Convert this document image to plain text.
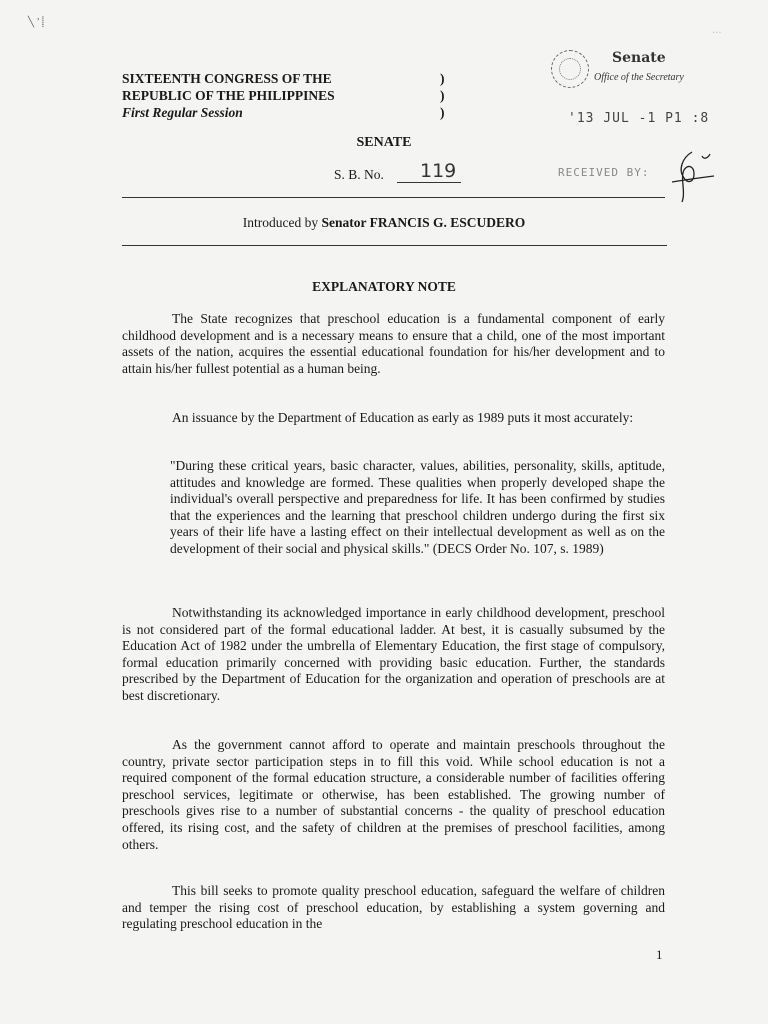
╲ ’ ⸽
‧‧‧
SIXTEENTH CONGRESS OF THE
REPUBLIC OF THE PHILIPPINES
First Regular Session
)
)
)
Senate
Office of the Secretary
'13 JUL -1 P1 :8
RECEIVED BY:
SENATE
S. B. No. 119
Introduced by Senator FRANCIS G. ESCUDERO
EXPLANATORY NOTE

The State recognizes that preschool education is a fundamental component of early childhood development and is a necessary means to ensure that a child, one of the most important assets of the nation, acquires the essential educational foundation for his/her development and to attain his/her fullest potential as a human being.

An issuance by the Department of Education as early as 1989 puts it most accurately:

"During these critical years, basic character, values, abilities, personality, skills, aptitude, attitudes and knowledge are formed. These qualities when properly developed shape the individual's overall perspective and preparedness for life. It has been confirmed by studies that the experiences and the learning that preschool children undergo during the first six years of their life have a lasting effect on their intellectual development as well as on the development of their social and physical skills." (DECS Order No. 107, s. 1989)

Notwithstanding its acknowledged importance in early childhood development, preschool is not considered part of the formal educational ladder. At best, it is casually subsumed by the Education Act of 1982 under the umbrella of Elementary Education, the first stage of compulsory, formal education primarily concerned with providing basic education. Further, the standards prescribed by the Department of Education for the organization and operation of preschools are at best discretionary.

As the government cannot afford to operate and maintain preschools throughout the country, private sector participation steps in to fill this void. While school education is not a required component of the formal education structure, a considerable number of facilities offering preschool services, legitimate or otherwise, has been established. The growing number of preschools gives rise to a number of substantial concerns - the quality of preschool education offered, its rising cost, and the safety of children at the premises of preschool facilities, among others.

This bill seeks to promote quality preschool education, safeguard the welfare of children and temper the rising cost of preschool education, by establishing a system governing and regulating preschool education in the

1
